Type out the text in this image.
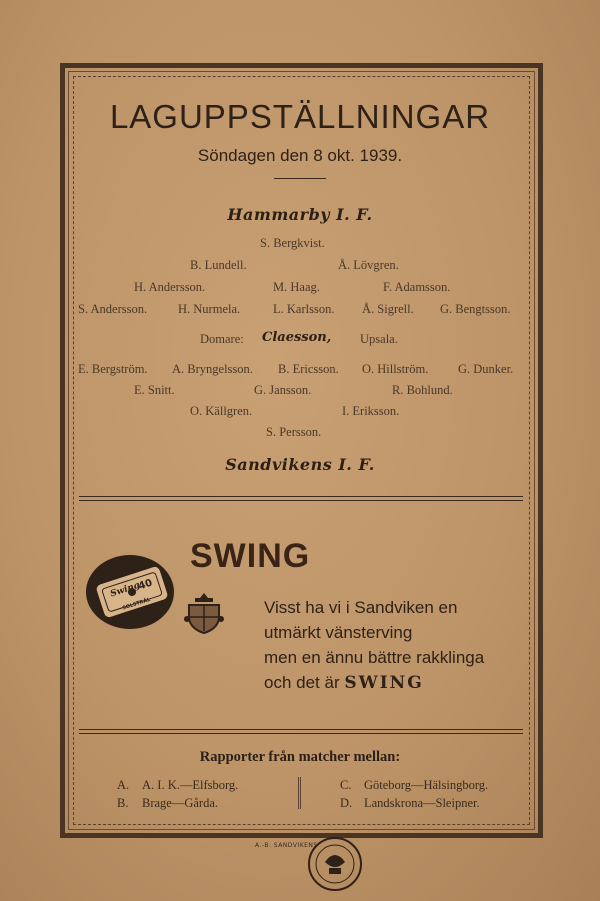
LAGUPPSTÄLLNINGAR
Söndagen den 8 okt. 1939.
Hammarby I. F.
S. Bergkvist.
B. Lundell.	Å. Lövgren.
H. Andersson.	M. Haag.	F. Adamsson.
S. Andersson. H. Nurmela.	L. Karlsson. Å. Sigrell. G. Bengtsson.
Domare: Claesson, Upsala.
E. Bergström. A. Bryngelsson. B. Ericsson. O. Hillström. G. Dunker.
E. Snitt.	G. Jansson.	R. Bohlund.
O. Källgren.	I. Eriksson.
S. Persson.
Sandvikens I. F.
Swing
40
SOLSTRÅL
SWING
Visst ha vi i Sandviken en
utmärkt vänsterving
men en ännu bättre rakklinga
och det är SWING
Rapporter från matcher mellan:
A. A. I. K.—Elfsborg.
B. Brage—Gårda.
C. Göteborg—Hälsingborg.
D. Landskrona—Sleipner.
A.-B. SANDVIKENS
